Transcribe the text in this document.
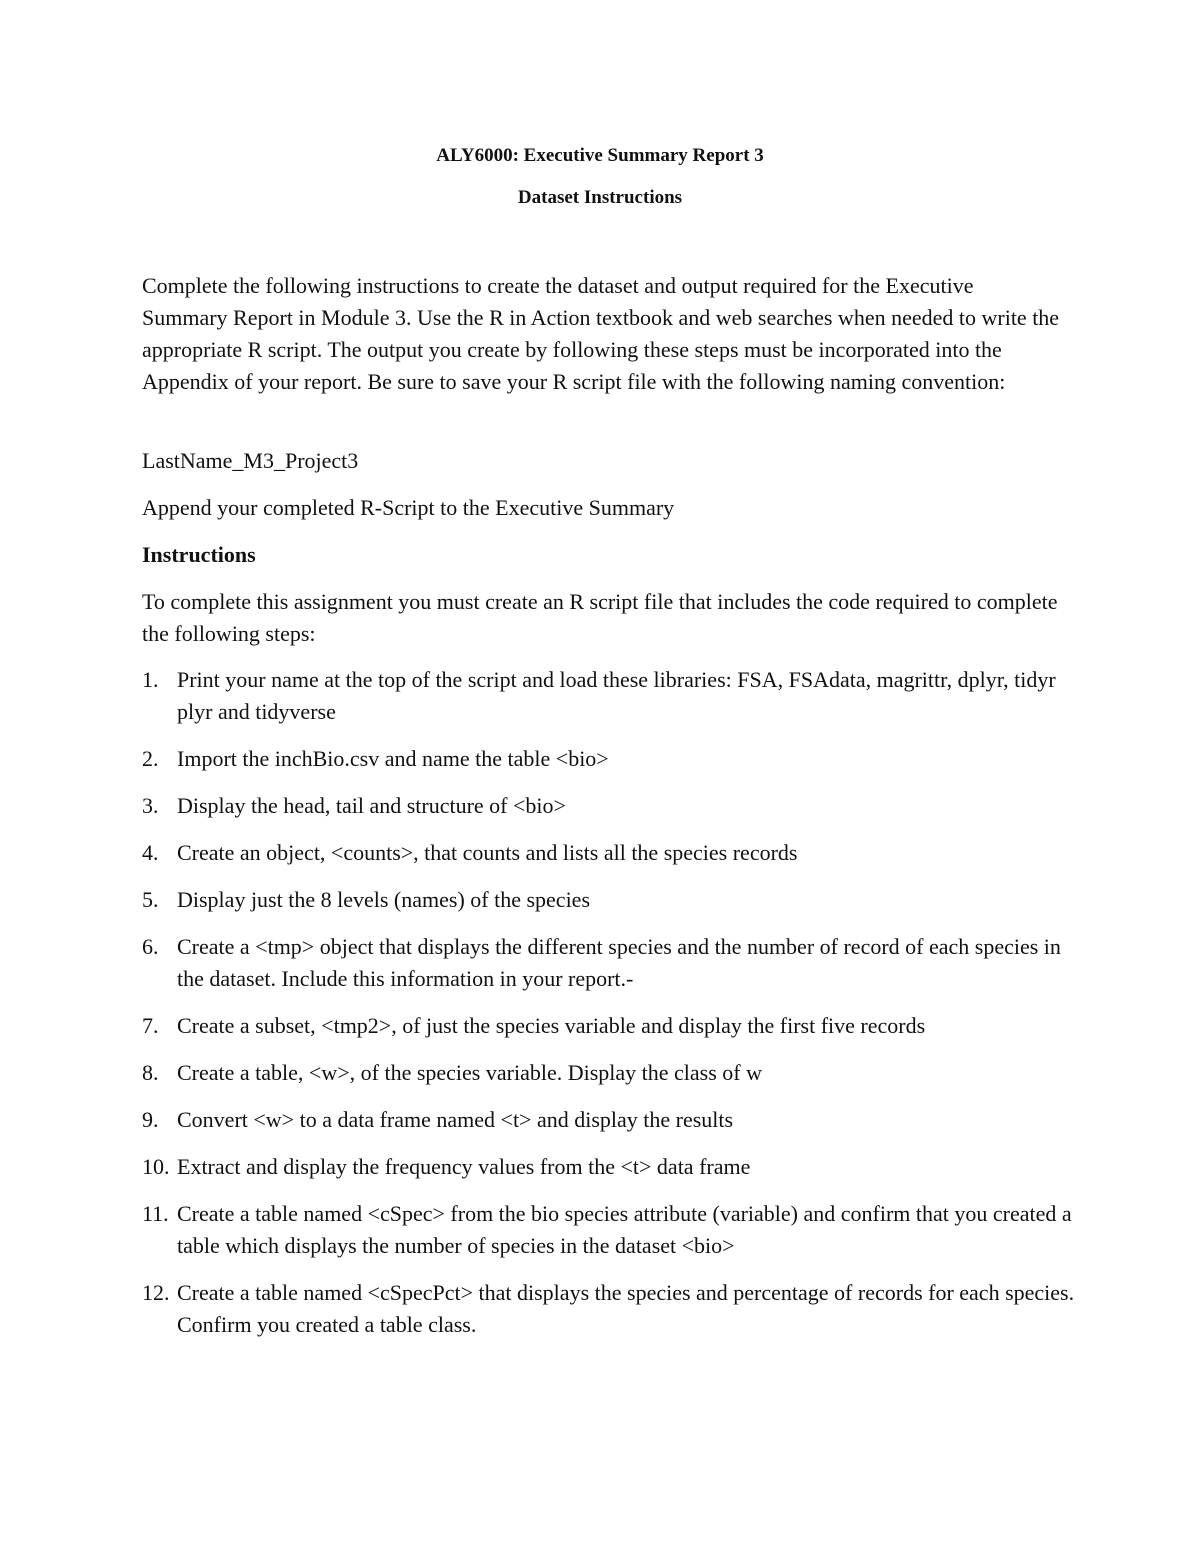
ALY6000: Executive Summary Report 3

Dataset Instructions

Complete the following instructions to create the dataset and output required for the Executive Summary Report in Module 3. Use the R in Action textbook and web searches when needed to write the appropriate R script. The output you create by following these steps must be incorporated into the Appendix of your report. Be sure to save your R script file with the following naming convention:

LastName_M3_Project3

Append your completed R-Script to the Executive Summary

Instructions

To complete this assignment you must create an R script file that includes the code required to complete the following steps:

1. Print your name at the top of the script and load these libraries: FSA, FSAdata, magrittr, dplyr, tidyr plyr and tidyverse
2. Import the inchBio.csv and name the table <bio>
3. Display the head, tail and structure of <bio>
4. Create an object, <counts>, that counts and lists all the species records
5. Display just the 8 levels (names) of the species
6. Create a <tmp> object that displays the different species and the number of record of each species in the dataset. Include this information in your report.-
7. Create a subset, <tmp2>, of just the species variable and display the first five records
8. Create a table, <w>, of the species variable. Display the class of w
9. Convert <w> to a data frame named <t> and display the results
10. Extract and display the frequency values from the <t> data frame
11. Create a table named <cSpec> from the bio species attribute (variable) and confirm that you created a table which displays the number of species in the dataset <bio>
12. Create a table named <cSpecPct> that displays the species and percentage of records for each species. Confirm you created a table class.
